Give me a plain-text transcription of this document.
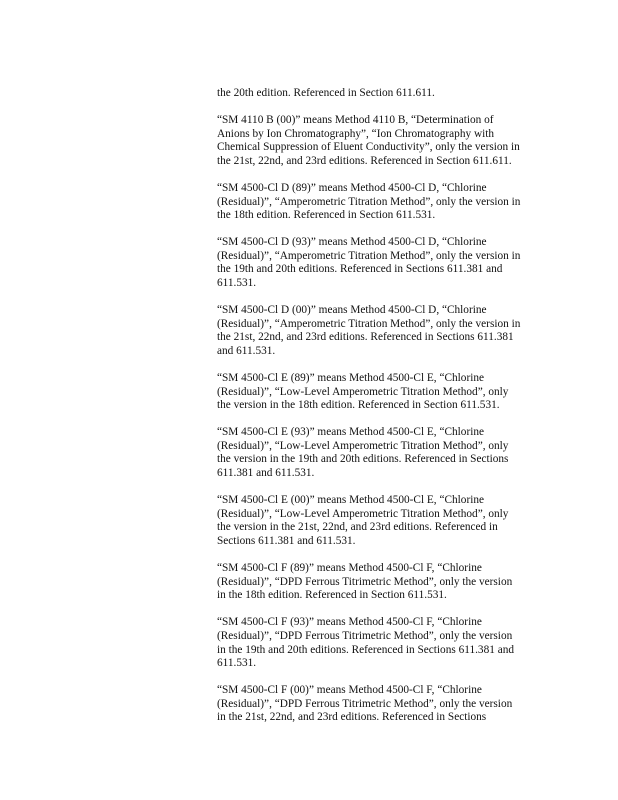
the 20th edition. Referenced in Section 611.611.

“SM 4110 B (00)” means Method 4110 B, “Determination of
Anions by Ion Chromatography”, “Ion Chromatography with
Chemical Suppression of Eluent Conductivity”, only the version in
the 21st, 22nd, and 23rd editions. Referenced in Section 611.611.

“SM 4500-Cl D (89)” means Method 4500-Cl D, “Chlorine
(Residual)”, “Amperometric Titration Method”, only the version in
the 18th edition. Referenced in Section 611.531.

“SM 4500-Cl D (93)” means Method 4500-Cl D, “Chlorine
(Residual)”, “Amperometric Titration Method”, only the version in
the 19th and 20th editions. Referenced in Sections 611.381 and
611.531.

“SM 4500-Cl D (00)” means Method 4500-Cl D, “Chlorine
(Residual)”, “Amperometric Titration Method”, only the version in
the 21st, 22nd, and 23rd editions. Referenced in Sections 611.381
and 611.531.

“SM 4500-Cl E (89)” means Method 4500-Cl E, “Chlorine
(Residual)”, “Low-Level Amperometric Titration Method”, only
the version in the 18th edition. Referenced in Section 611.531.

“SM 4500-Cl E (93)” means Method 4500-Cl E, “Chlorine
(Residual)”, “Low-Level Amperometric Titration Method”, only
the version in the 19th and 20th editions. Referenced in Sections
611.381 and 611.531.

“SM 4500-Cl E (00)” means Method 4500-Cl E, “Chlorine
(Residual)”, “Low-Level Amperometric Titration Method”, only
the version in the 21st, 22nd, and 23rd editions. Referenced in
Sections 611.381 and 611.531.

“SM 4500-Cl F (89)” means Method 4500-Cl F, “Chlorine
(Residual)”, “DPD Ferrous Titrimetric Method”, only the version
in the 18th edition. Referenced in Section 611.531.

“SM 4500-Cl F (93)” means Method 4500-Cl F, “Chlorine
(Residual)”, “DPD Ferrous Titrimetric Method”, only the version
in the 19th and 20th editions. Referenced in Sections 611.381 and
611.531.

“SM 4500-Cl F (00)” means Method 4500-Cl F, “Chlorine
(Residual)”, “DPD Ferrous Titrimetric Method”, only the version
in the 21st, 22nd, and 23rd editions. Referenced in Sections
